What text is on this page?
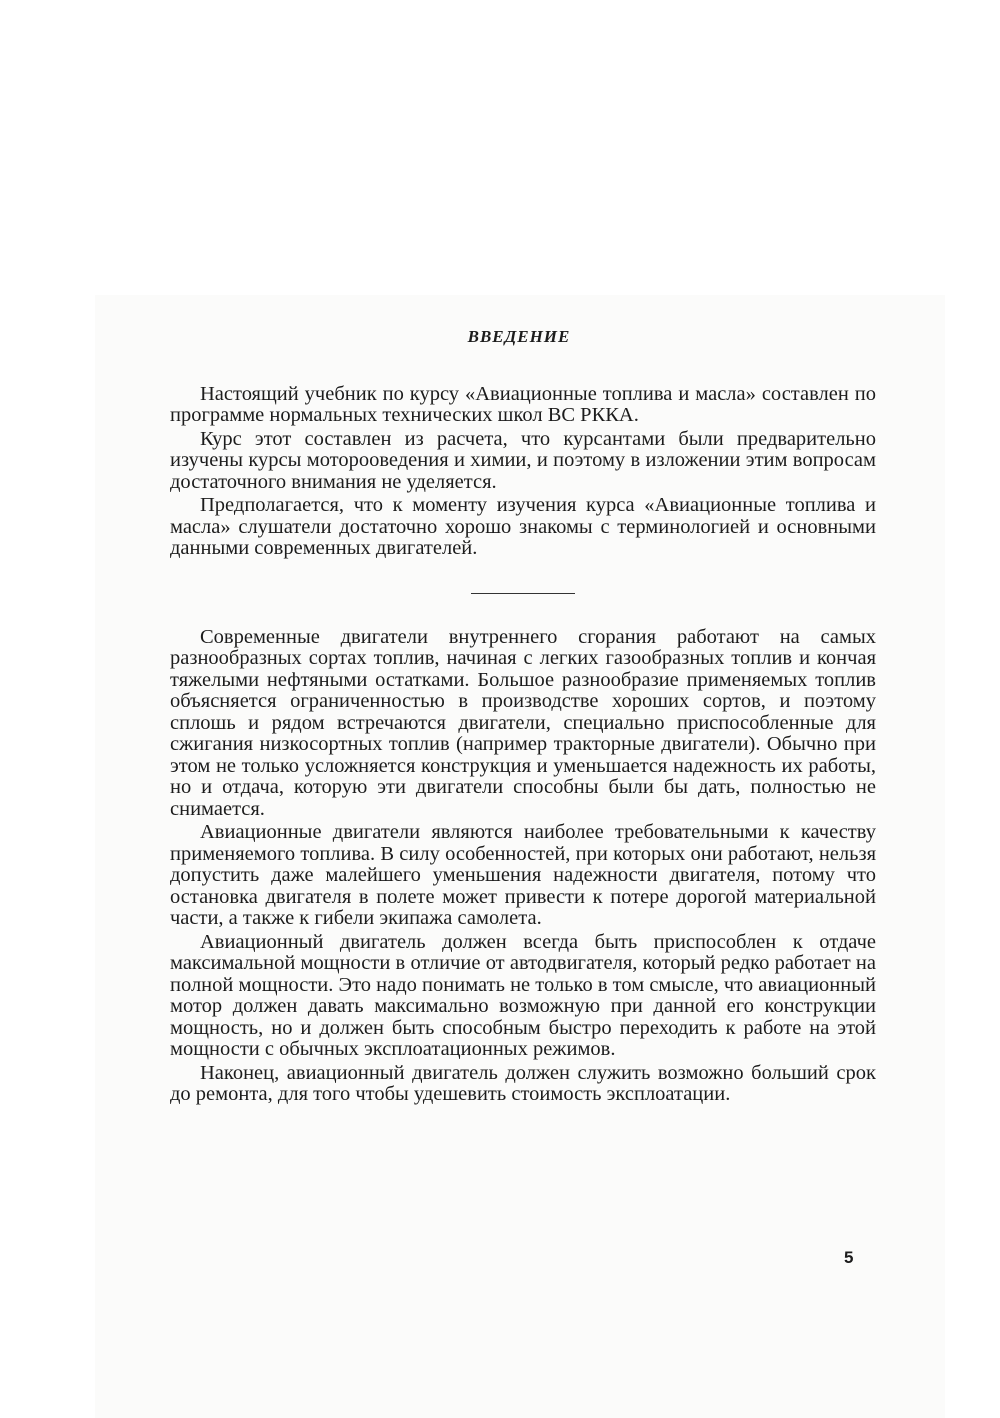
ВВЕДЕНИЕ

Настоящий учебник по курсу «Авиационные топлива и масла» составлен по программе нормальных технических школ ВС РККА.

Курс этот составлен из расчета, что курсантами были предварительно изучены курсы моторооведения и химии, и поэтому в изложении этим вопросам достаточного внимания не уделяется.

Предполагается, что к моменту изучения курса «Авиационные топлива и масла» слушатели достаточно хорошо знакомы с терминологией и основными данными современных двигателей.

Современные двигатели внутреннего сгорания работают на самых разнообразных сортах топлив, начиная с легких газообразных топлив и кончая тяжелыми нефтяными остатками. Большое разнообразие применяемых топлив объясняется ограниченностью в производстве хороших сортов, и поэтому сплошь и рядом встречаются двигатели, специально приспособленные для сжигания низкосортных топлив (например тракторные двигатели). Обычно при этом не только усложняется конструкция и уменьшается надежность их работы, но и отдача, которую эти двигатели способны были бы дать, полностью не снимается.

Авиационные двигатели являются наиболее требовательными к качеству применяемого топлива. В силу особенностей, при которых они работают, нельзя допустить даже малейшего уменьшения надежности двигателя, потому что остановка двигателя в полете может привести к потере дорогой материальной части, а также к гибели экипажа самолета.

Авиационный двигатель должен всегда быть приспособлен к отдаче максимальной мощности в отличие от автодвигателя, который редко работает на полной мощности. Это надо понимать не только в том смысле, что авиационный мотор должен давать максимально возможную при данной его конструкции мощность, но и должен быть способным быстро переходить к работе на этой мощности с обычных эксплоатационных режимов.

Наконец, авиационный двигатель должен служить возможно больший срок до ремонта, для того чтобы удешевить стоимость эксплоатации.

5
